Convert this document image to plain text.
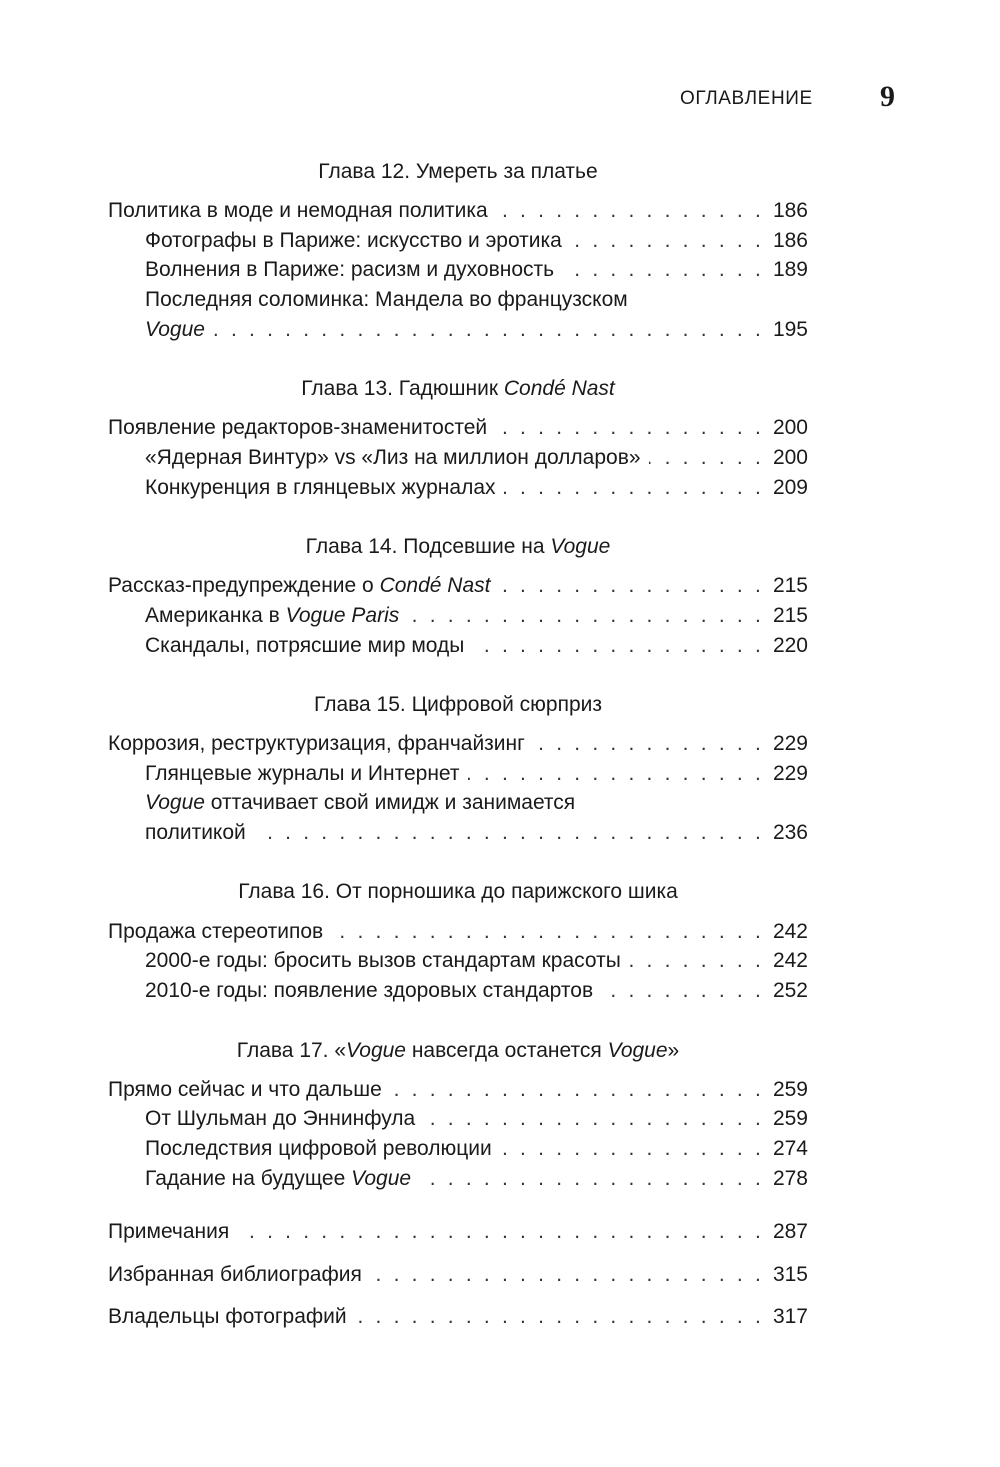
ОГЛАВЛЕНИЕ 9
Глава 12. Умереть за платье
Политика в моде и немодная политика . . .	186
Фотографы в Париже: искусство и эротика . . .	186
Волнения в Париже: расизм и духовность . . .	189
Последняя соломинка: Мандела во французском
Vogue . . .	195
Глава 13. Гадюшник Condé Nast
Появление редакторов-знаменитостей . . .	200
«Ядерная Винтур» vs «Лиз на миллион долларов» . . .	200
Конкуренция в глянцевых журналах . . .	209
Глава 14. Подсевшие на Vogue
Рассказ-предупреждение о Condé Nast . . .	215
Американка в Vogue Paris . . .	215
Скандалы, потрясшие мир моды . . .	220
Глава 15. Цифровой сюрприз
Коррозия, реструктуризация, франчайзинг . . .	229
Глянцевые журналы и Интернет . . .	229
Vogue оттачивает свой имидж и занимается
политикой . . .	236
Глава 16. От порношика до парижского шика
Продажа стереотипов . . .	242
2000-е годы: бросить вызов стандартам красоты . . .	242
2010-е годы: появление здоровых стандартов . . .	252
Глава 17. «Vogue навсегда останется Vogue»
Прямо сейчас и что дальше . . .	259
От Шульман до Эннинфула . . .	259
Последствия цифровой революции . . .	274
Гадание на будущее Vogue . . .	278
Примечания . . .	287
Избранная библиография . . .	315
Владельцы фотографий . . .	317
